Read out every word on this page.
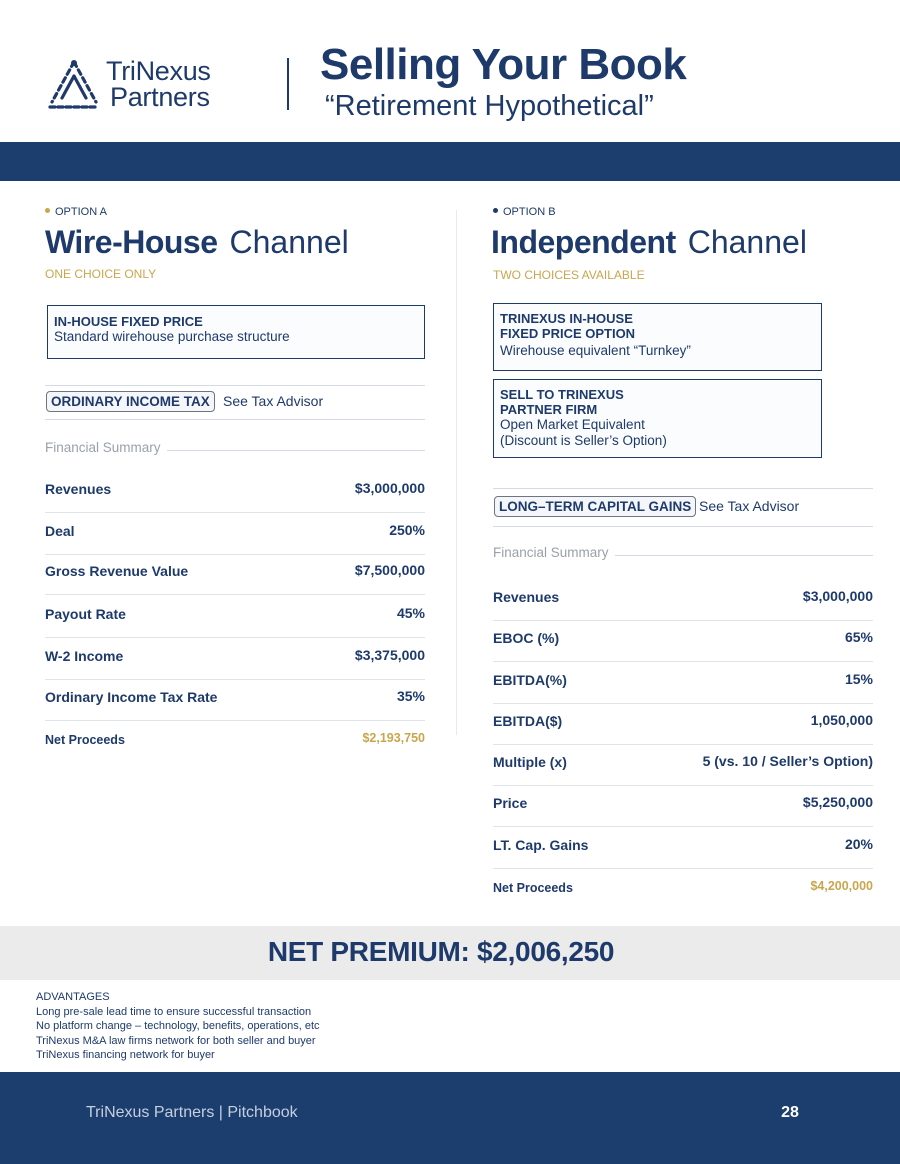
TriNexus
Partners
Selling Your Book
“Retirement Hypothetical”
OPTION A
Wire-House Channel
ONE CHOICE ONLY
IN-HOUSE FIXED PRICE
Standard wirehouse purchase structure
ORDINARY INCOME TAX See Tax Advisor
Financial Summary
Revenues	$3,000,000
Deal	250%
Gross Revenue Value	$7,500,000
Payout Rate	45%
W-2 Income	$3,375,000
Ordinary Income Tax Rate	35%
Net Proceeds	$2,193,750
OPTION B
Independent Channel
TWO CHOICES AVAILABLE
TRINEXUS IN-HOUSE
FIXED PRICE OPTION
Wirehouse equivalent “Turnkey”
SELL TO TRINEXUS
PARTNER FIRM
Open Market Equivalent
(Discount is Seller’s Option)
LONG–TERM CAPITAL GAINS See Tax Advisor
Financial Summary
Revenues	$3,000,000
EBOC (%)	65%
EBITDA(%)	15%
EBITDA($)	1,050,000
Multiple (x)	5 (vs. 10 / Seller’s Option)
Price	$5,250,000
LT. Cap. Gains	20%
Net Proceeds	$4,200,000
NET PREMIUM: $2,006,250
ADVANTAGES
Long pre-sale lead time to ensure successful transaction
No platform change – technology, benefits, operations, etc
TriNexus M&A law firms network for both seller and buyer
TriNexus financing network for buyer
TriNexus Partners | Pitchbook	28
